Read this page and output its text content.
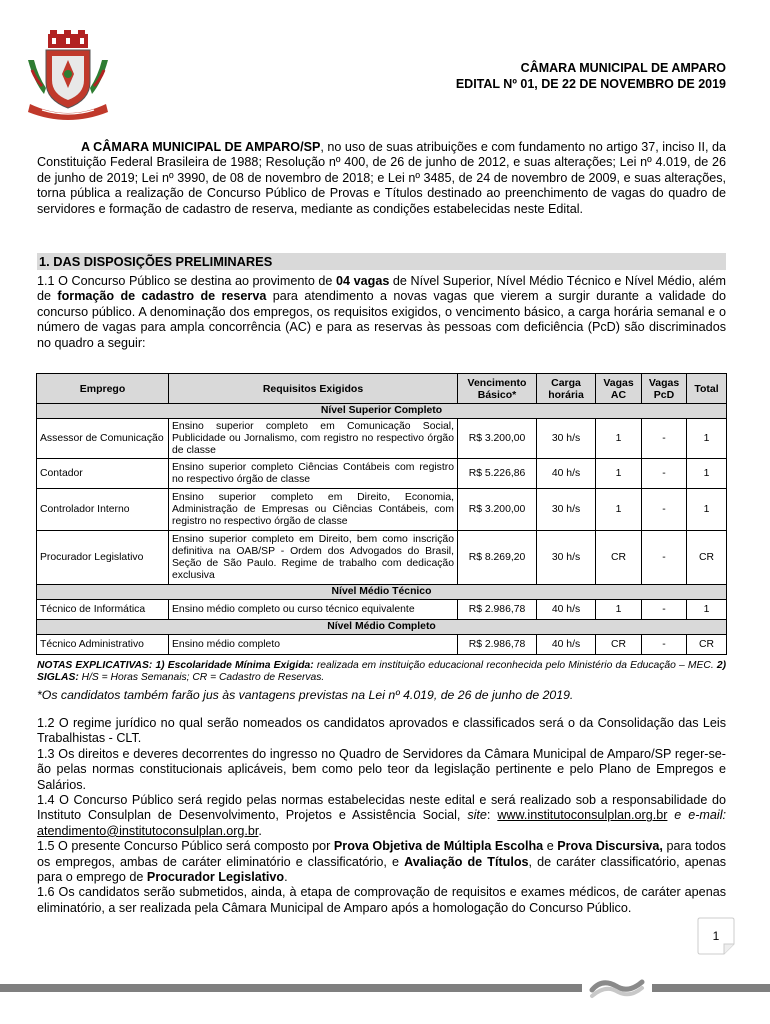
CÂMARA MUNICIPAL DE AMPARO
EDITAL Nº 01, DE 22 DE NOVEMBRO DE 2019
A CÂMARA MUNICIPAL DE AMPARO/SP, no uso de suas atribuições e com fundamento no artigo 37, inciso II, da Constituição Federal Brasileira de 1988; Resolução nº 400, de 26 de junho de 2012, e suas alterações; Lei nº 4.019, de 26 de junho de 2019; Lei nº 3990, de 08 de novembro de 2018; e Lei nº 3485, de 24 de novembro de 2009, e suas alterações, torna pública a realização de Concurso Público de Provas e Títulos destinado ao preenchimento de vagas do quadro de servidores e formação de cadastro de reserva, mediante as condições estabelecidas neste Edital.
1. DAS DISPOSIÇÕES PRELIMINARES
1.1 O Concurso Público se destina ao provimento de 04 vagas de Nível Superior, Nível Médio Técnico e Nível Médio, além de formação de cadastro de reserva para atendimento a novas vagas que vierem a surgir durante a validade do concurso público. A denominação dos empregos, os requisitos exigidos, o vencimento básico, a carga horária semanal e o número de vagas para ampla concorrência (AC) e para as reservas às pessoas com deficiência (PcD) são discriminados no quadro a seguir:
Emprego	Requisitos Exigidos	Vencimento Básico*	Carga horária	Vagas AC	Vagas PcD	Total
Nível Superior Completo						
Assessor de Comunicação	Ensino superior completo em Comunicação Social, Publicidade ou Jornalismo, com registro no respectivo órgão de classe	R$ 3.200,00	30 h/s	1	-	1
Contador	Ensino superior completo Ciências Contábeis com registro no respectivo órgão de classe	R$ 5.226,86	40 h/s	1	-	1
Controlador Interno	Ensino superior completo em Direito, Economia, Administração de Empresas ou Ciências Contábeis, com registro no respectivo órgão de classe	R$ 3.200,00	30 h/s	1	-	1
Procurador Legislativo	Ensino superior completo em Direito, bem como inscrição definitiva na OAB/SP - Ordem dos Advogados do Brasil, Seção de São Paulo. Regime de trabalho com dedicação exclusiva	R$ 8.269,20	30 h/s	CR	-	CR
Nível Médio Técnico						
Técnico de Informática	Ensino médio completo ou curso técnico equivalente	R$ 2.986,78	40 h/s	1	-	1
Nível Médio Completo						
Técnico Administrativo	Ensino médio completo	R$ 2.986,78	40 h/s	CR	-	CR
NOTAS EXPLICATIVAS: 1) Escolaridade Mínima Exigida: realizada em instituição educacional reconhecida pelo Ministério da Educação – MEC. 2) SIGLAS: H/S = Horas Semanais; CR = Cadastro de Reservas.
*Os candidatos também farão jus às vantagens previstas na Lei nº 4.019, de 26 de junho de 2019.

1.2 O regime jurídico no qual serão nomeados os candidatos aprovados e classificados será o da Consolidação das Leis Trabalhistas - CLT.

1.3 Os direitos e deveres decorrentes do ingresso no Quadro de Servidores da Câmara Municipal de Amparo/SP reger-se-ão pelas normas constitucionais aplicáveis, bem como pelo teor da legislação pertinente e pelo Plano de Empregos e Salários.

1.4 O Concurso Público será regido pelas normas estabelecidas neste edital e será realizado sob a responsabilidade do Instituto Consulplan de Desenvolvimento, Projetos e Assistência Social, site: www.institutoconsulplan.org.br e e-mail: atendimento@institutoconsulplan.org.br.

1.5 O presente Concurso Público será composto por Prova Objetiva de Múltipla Escolha e Prova Discursiva, para todos os empregos, ambas de caráter eliminatório e classificatório, e Avaliação de Títulos, de caráter classificatório, apenas para o emprego de Procurador Legislativo.

1.6 Os candidatos serão submetidos, ainda, à etapa de comprovação de requisitos e exames médicos, de caráter apenas eliminatório, a ser realizada pela Câmara Municipal de Amparo após a homologação do Concurso Público.

1
